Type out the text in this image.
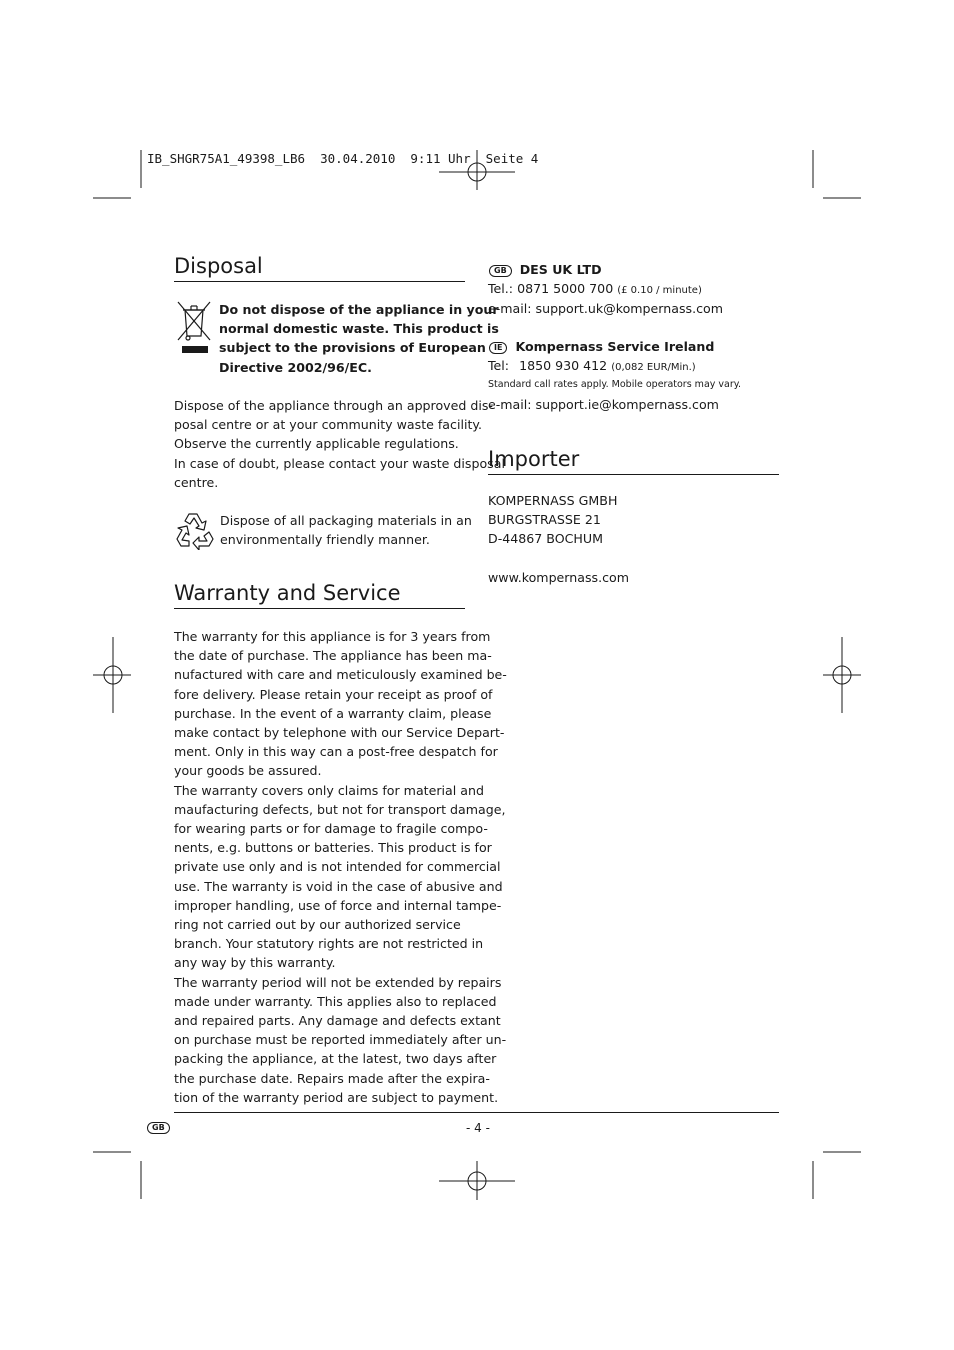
IB_SHGR75A1_49398_LB6  30.04.2010  9:11 Uhr  Seite 4
Disposal
Do not dispose of the appliance in your
normal domestic waste. This product is
subject to the provisions of European
Directive 2002/96/EC.
Dispose of the appliance through an approved dis-
posal centre or at your community waste facility.
Observe the currently applicable regulations.
In case of doubt, please contact your waste disposal
centre.
Dispose of all packaging materials in an
environmentally friendly manner.
Warranty and Service
The warranty for this appliance is for 3 years from
the date of purchase. The appliance has been ma-
nufactured with care and meticulously examined be-
fore delivery. Please retain your receipt as proof of
purchase. In the event of a warranty claim, please
make contact by telephone with our Service Depart-
ment. Only in this way can a post-free despatch for
your goods be assured.
The warranty covers only claims for material and
maufacturing defects, but not for transport damage,
for wearing parts or for damage to fragile compo-
nents, e.g. buttons or batteries. This product is for
private use only and is not intended for commercial
use. The warranty is void in the case of abusive and
improper handling, use of force and internal tampe-
ring not carried out by our authorized service
branch. Your statutory rights are not restricted in
any way by this warranty.
The warranty period will not be extended by repairs
made under warranty. This applies also to replaced
and repaired parts. Any damage and defects extant
on purchase must be reported immediately after un-
packing the appliance, at the latest, two days after
the purchase date. Repairs made after the expira-
tion of the warranty period are subject to payment.
GB DES UK LTD
Tel.: 0871 5000 700 (£ 0.10 / minute)
e-mail: support.uk@kompernass.com
IE Kompernass Service Ireland
Tel: 1850 930 412 (0,082 EUR/Min.)
Standard call rates apply. Mobile operators may vary.
e-mail: support.ie@kompernass.com
Importer
KOMPERNASS GMBH
BURGSTRASSE 21
D-44867 BOCHUM
www.kompernass.com
GB	- 4 -
